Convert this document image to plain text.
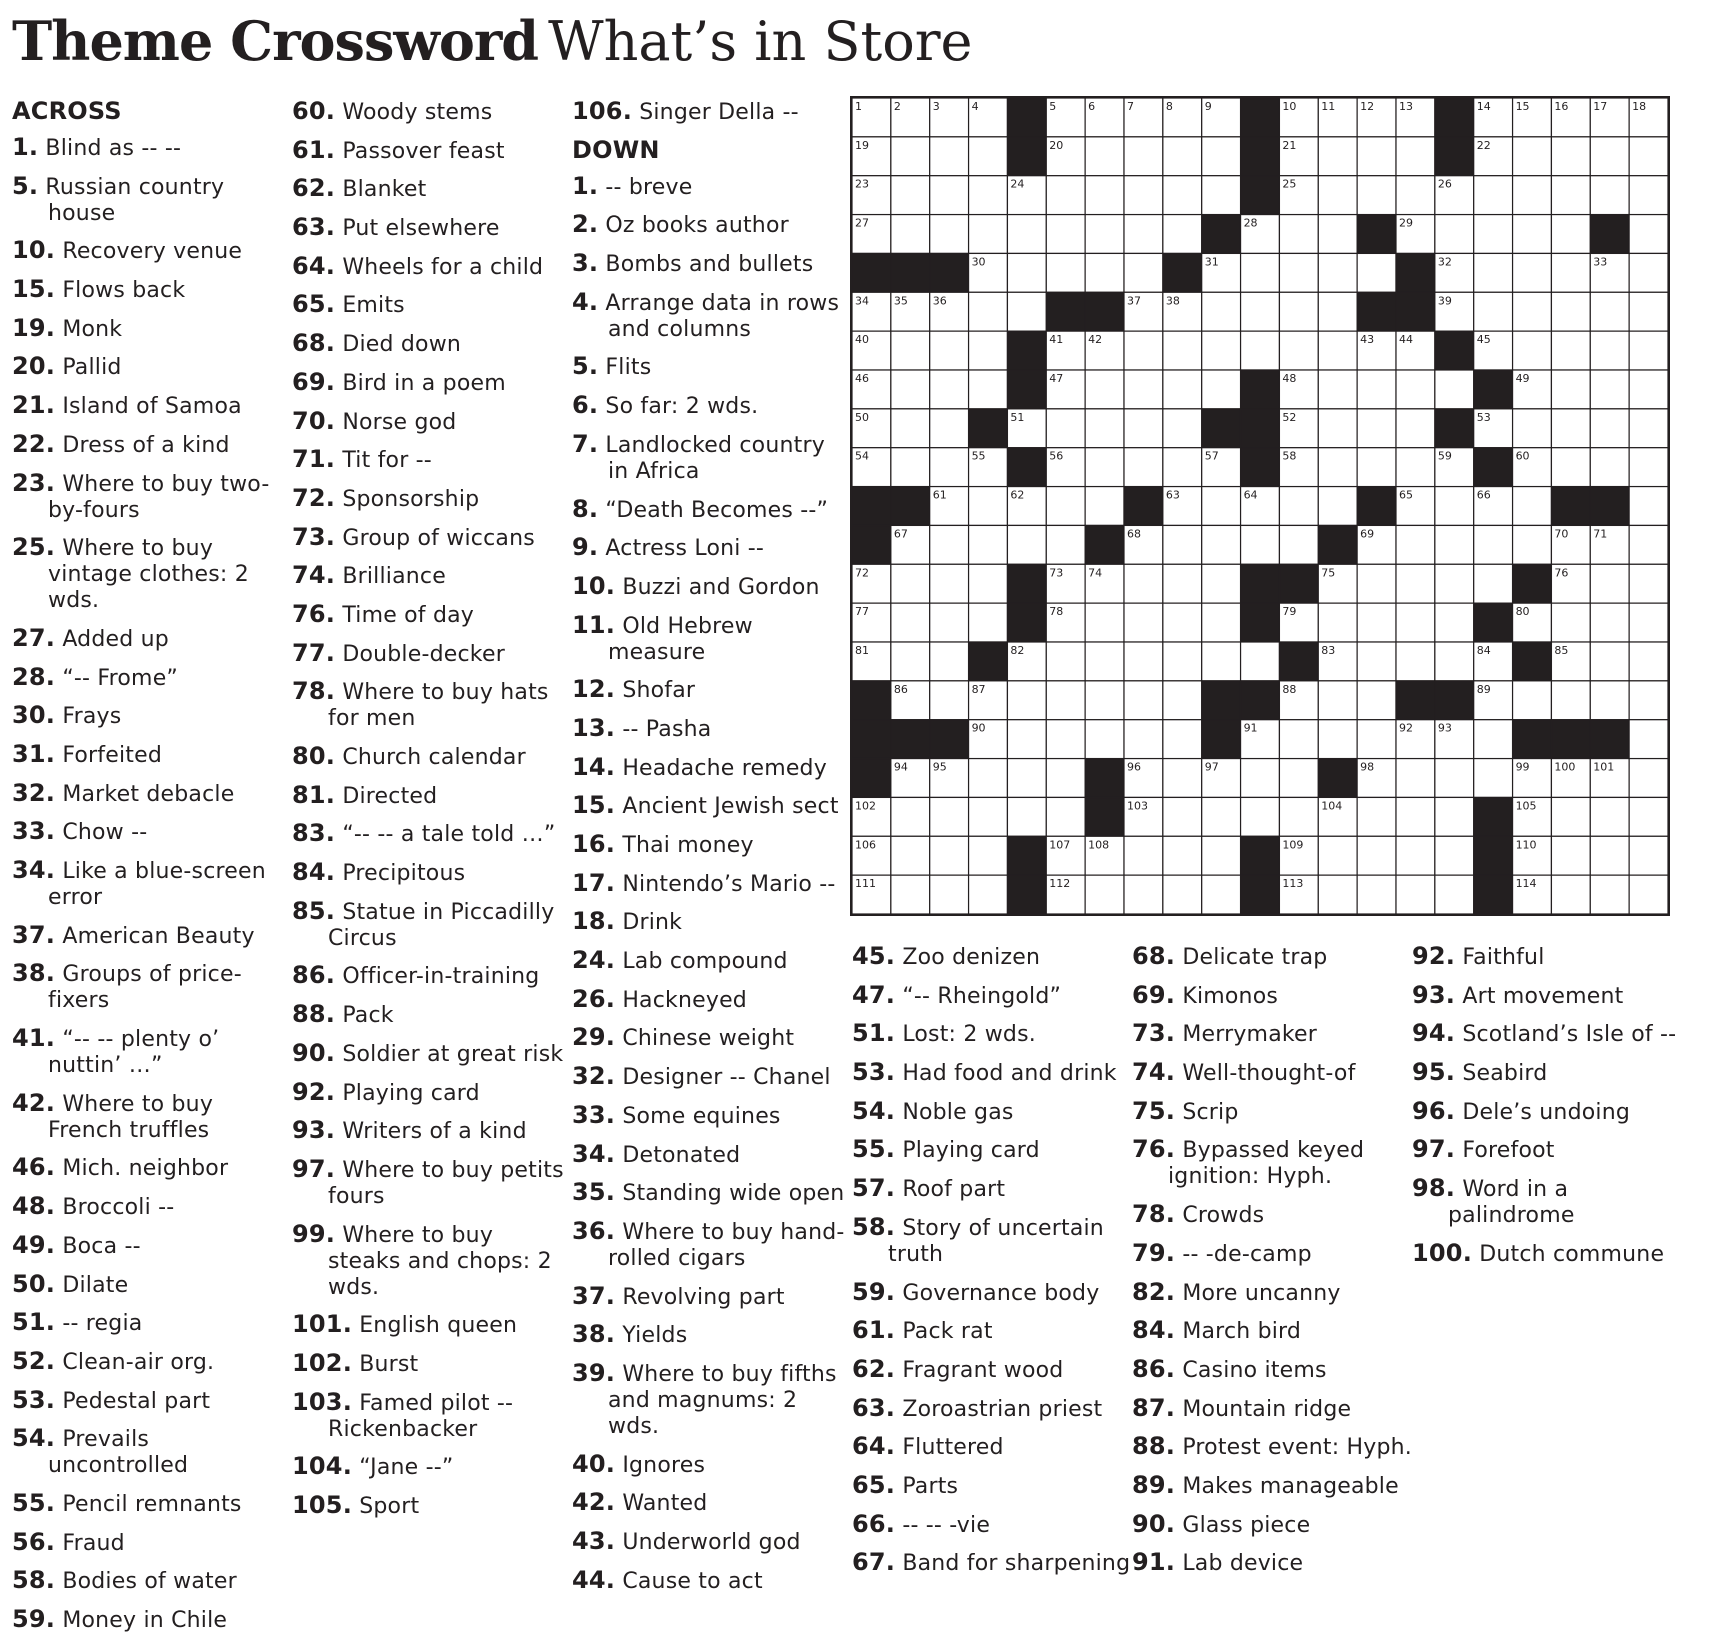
Theme Crossword What’s in Store
ACROSS
1. Blind as -- --
5. Russian country house
10. Recovery venue
15. Flows back
19. Monk
20. Pallid
21. Island of Samoa
22. Dress of a kind
23. Where to buy two-by-fours
25. Where to buy vintage clothes: 2 wds.
27. Added up
28. “-- Frome”
30. Frays
31. Forfeited
32. Market debacle
33. Chow --
34. Like a blue-screen error
37. American Beauty
38. Groups of price-fixers
41. “-- -- plenty o’ nuttin’ …”
42. Where to buy French truffles
46. Mich. neighbor
48. Broccoli --
49. Boca --
50. Dilate
51. -- regia
52. Clean-air org.
53. Pedestal part
54. Prevails uncontrolled
55. Pencil remnants
56. Fraud
58. Bodies of water
59. Money in Chile
60. Woody stems
61. Passover feast
62. Blanket
63. Put elsewhere
64. Wheels for a child
65. Emits
68. Died down
69. Bird in a poem
70. Norse god
71. Tit for --
72. Sponsorship
73. Group of wiccans
74. Brilliance
76. Time of day
77. Double-decker
78. Where to buy hats for men
80. Church calendar
81. Directed
83. “-- -- a tale told …”
84. Precipitous
85. Statue in Piccadilly Circus
86. Officer-in-training
88. Pack
90. Soldier at great risk
92. Playing card
93. Writers of a kind
97. Where to buy petits fours
99. Where to buy steaks and chops: 2 wds.
101. English queen
102. Burst
103. Famed pilot -- Rickenbacker
104. “Jane --”
105. Sport
106. Singer Della --
DOWN
1. -- breve
2. Oz books author
3. Bombs and bullets
4. Arrange data in rows and columns
5. Flits
6. So far: 2 wds.
7. Landlocked country in Africa
8. “Death Becomes --”
9. Actress Loni --
10. Buzzi and Gordon
11. Old Hebrew measure
12. Shofar
13. -- Pasha
14. Headache remedy
15. Ancient Jewish sect
16. Thai money
17. Nintendo’s Mario --
18. Drink
24. Lab compound
26. Hackneyed
29. Chinese weight
32. Designer -- Chanel
33. Some equines
34. Detonated
35. Standing wide open
36. Where to buy hand-rolled cigars
37. Revolving part
38. Yields
39. Where to buy fifths and magnums: 2 wds.
40. Ignores
42. Wanted
43. Underworld god
44. Cause to act
45. Zoo denizen
47. “-- Rheingold”
51. Lost: 2 wds.
53. Had food and drink
54. Noble gas
55. Playing card
57. Roof part
58. Story of uncertain truth
59. Governance body
61. Pack rat
62. Fragrant wood
63. Zoroastrian priest
64. Fluttered
65. Parts
66. -- -- -vie
67. Band for sharpening
68. Delicate trap
69. Kimonos
73. Merrymaker
74. Well-thought-of
75. Scrip
76. Bypassed keyed ignition: Hyph.
78. Crowds
79. -- -de-camp
82. More uncanny
84. March bird
86. Casino items
87. Mountain ridge
88. Protest event: Hyph.
89. Makes manageable
90. Glass piece
91. Lab device
92. Faithful
93. Art movement
94. Scotland’s Isle of --
95. Seabird
96. Dele’s undoing
97. Forefoot
98. Word in a palindrome
100. Dutch commune
1	2	3	4	5	6	7	8	9	10 11 12 13	14 15 16 17 18
19	20	21	22
23	24	25	26
27	28	29
30	31	32	33
34 35 36	37 38	39
40	41 42	43 44	45
46	47	48	49
50	51	52	53
54	55	56	57	58	59	60
61	62	63	64	65	66
67	68	69	70 71
72	73 74	75	76
77	78	79	80
81	82	83	84	85
86	87	88	89
90	91	92 93
94 95	96	97	98	99 100 101
102	103	104	105
106	107 108	109	110
111	112	113	114
